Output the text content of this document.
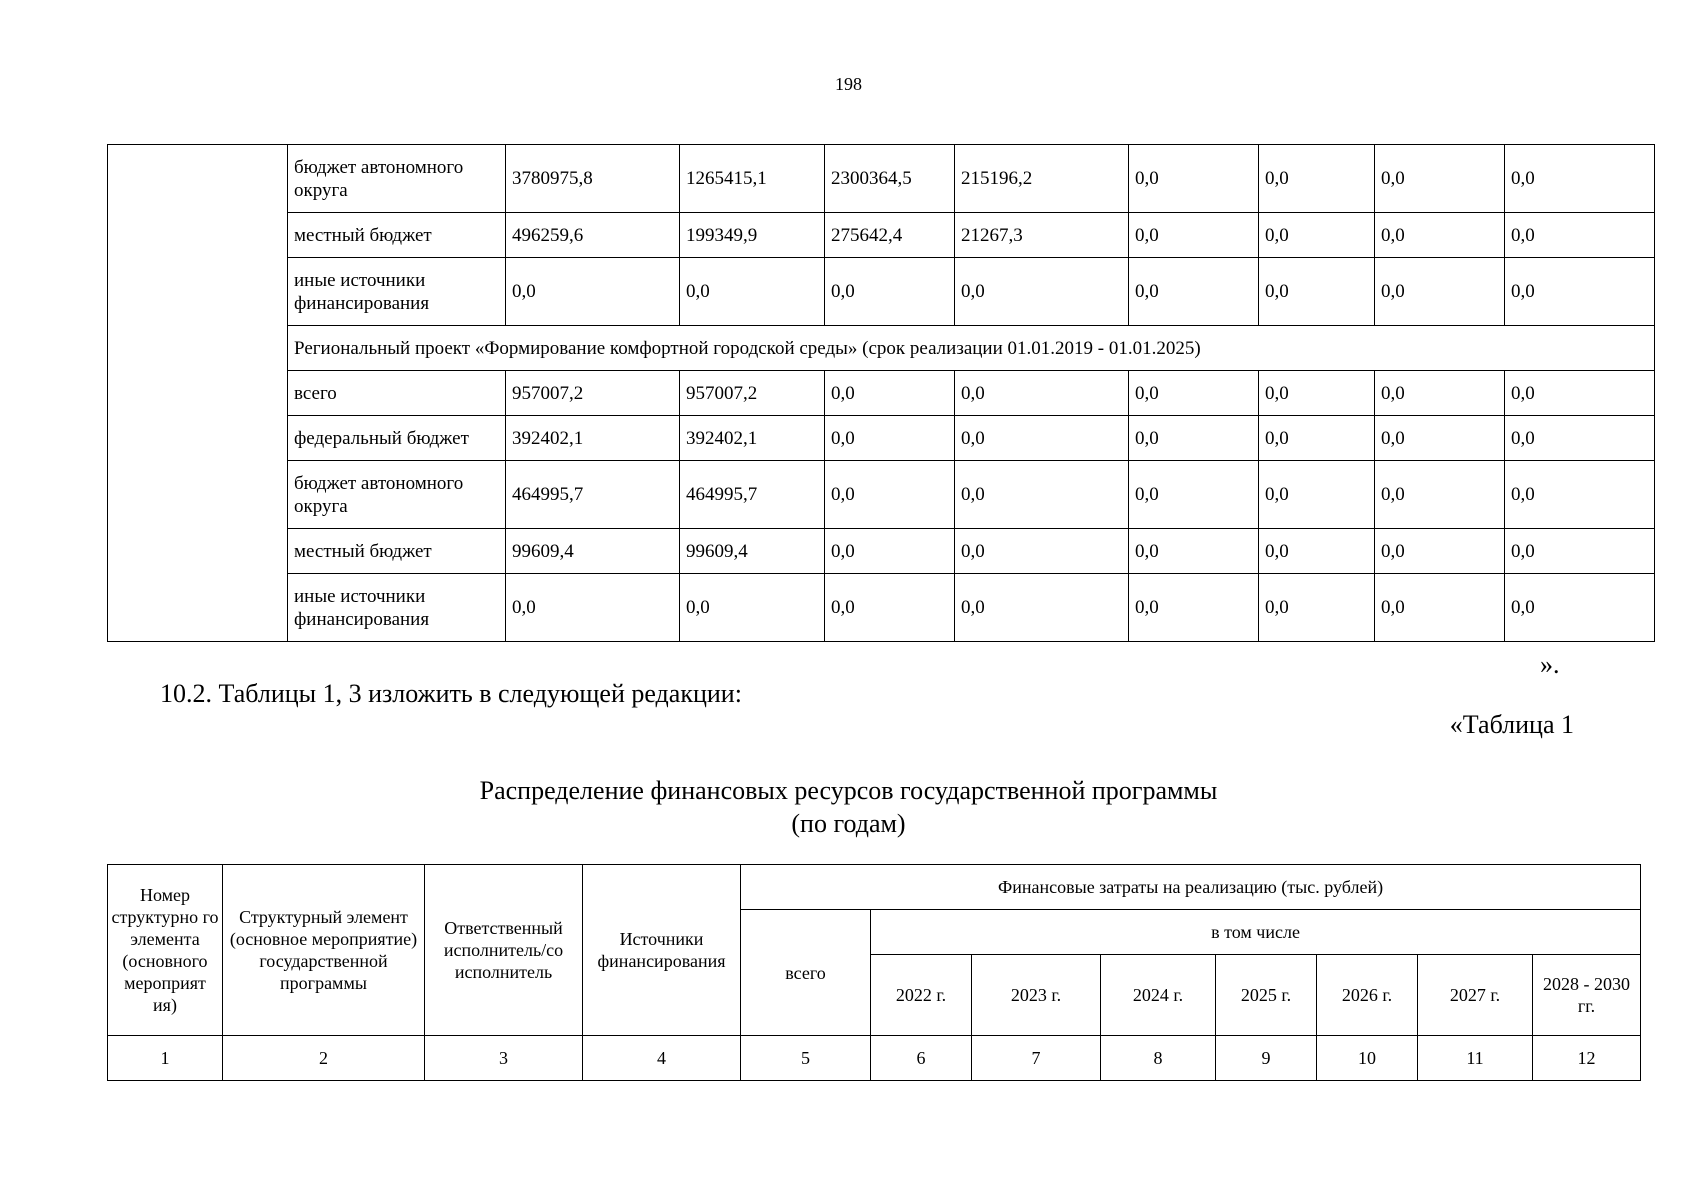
198
	бюджет автономного округа	3780975,8	1265415,1	2300364,5	215196,2	0,0	0,0	0,0	0,0
	местный бюджет	496259,6	199349,9	275642,4	21267,3	0,0	0,0	0,0	0,0
	иные источники финансирования	0,0	0,0	0,0	0,0	0,0	0,0	0,0	0,0
	Региональный проект «Формирование комфортной городской среды» (срок реализации 01.01.2019 - 01.01.2025)								
	всего	957007,2	957007,2	0,0	0,0	0,0	0,0	0,0	0,0
	федеральный бюджет	392402,1	392402,1	0,0	0,0	0,0	0,0	0,0	0,0
	бюджет автономного округа	464995,7	464995,7	0,0	0,0	0,0	0,0	0,0	0,0
	местный бюджет	99609,4	99609,4	0,0	0,0	0,0	0,0	0,0	0,0
	иные источники финансирования	0,0	0,0	0,0	0,0	0,0	0,0	0,0	0,0
».
10.2. Таблицы 1, 3 изложить в следующей редакции:
«Таблица 1
Распределение финансовых ресурсов государственной программы
(по годам)
Номер структурно го элемента (основного мероприят ия)	Структурный элемент (основное мероприятие) государственной программы	Ответственный исполнитель/со исполнитель	Источники финансирования	Финансовые затраты на реализацию (тыс. рублей)							
				всего	в том числе						
					2022 г.	2023 г.	2024 г.	2025 г.	2026 г.	2027 г.	2028 - 2030 гг.
1	2	3	4	5	6	7	8	9	10	11	12
